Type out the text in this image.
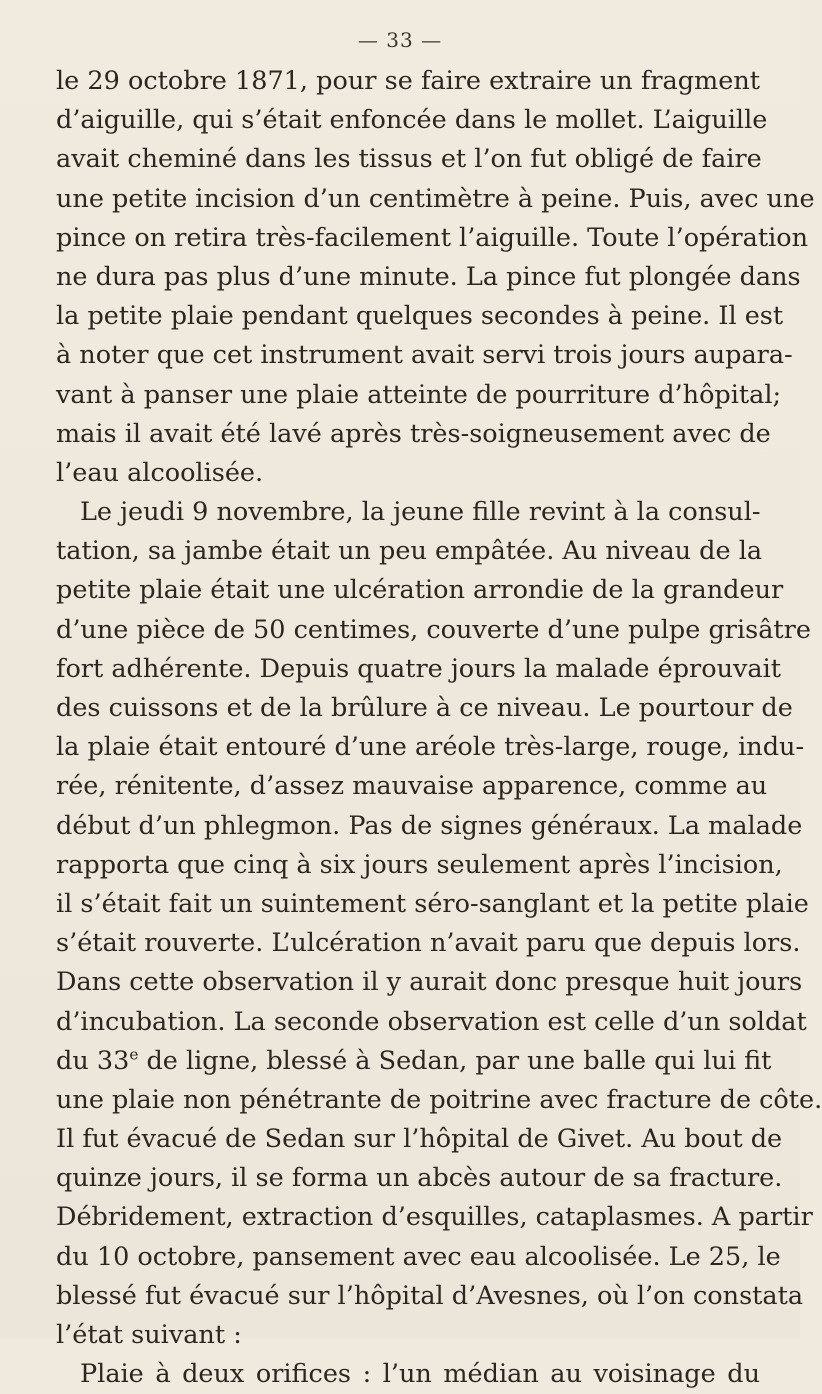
— 33 —
le 29 octobre 1871, pour se faire extraire un fragment
d’aiguille, qui s’était enfoncée dans le mollet. L’aiguille
avait cheminé dans les tissus et l’on fut obligé de faire
une petite incision d’un centimètre à peine. Puis, avec une
pince on retira très-facilement l’aiguille. Toute l’opération
ne dura pas plus d’une minute. La pince fut plongée dans
la petite plaie pendant quelques secondes à peine. Il est
à noter que cet instrument avait servi trois jours aupara-
vant à panser une plaie atteinte de pourriture d’hôpital;
mais il avait été lavé après très-soigneusement avec de
l’eau alcoolisée.
Le jeudi 9 novembre, la jeune fille revint à la consul-
tation, sa jambe était un peu empâtée. Au niveau de la
petite plaie était une ulcération arrondie de la grandeur
d’une pièce de 50 centimes, couverte d’une pulpe grisâtre
fort adhérente. Depuis quatre jours la malade éprouvait
des cuissons et de la brûlure à ce niveau. Le pourtour de
la plaie était entouré d’une aréole très-large, rouge, indu-
rée, rénitente, d’assez mauvaise apparence, comme au
début d’un phlegmon. Pas de signes généraux. La malade
rapporta que cinq à six jours seulement après l’incision,
il s’était fait un suintement séro-sanglant et la petite plaie
s’était rouverte. L’ulcération n’avait paru que depuis lors.
Dans cette observation il y aurait donc presque huit jours
d’incubation. La seconde observation est celle d’un soldat
du 33e de ligne, blessé à Sedan, par une balle qui lui fit
une plaie non pénétrante de poitrine avec fracture de côte.
Il fut évacué de Sedan sur l’hôpital de Givet. Au bout de
quinze jours, il se forma un abcès autour de sa fracture.
Débridement, extraction d’esquilles, cataplasmes. A partir
du 10 octobre, pansement avec eau alcoolisée. Le 25, le
blessé fut évacué sur l’hôpital d’Avesnes, où l’on constata
l’état suivant :
Plaie à deux orifices : l’un médian au voisinage du
